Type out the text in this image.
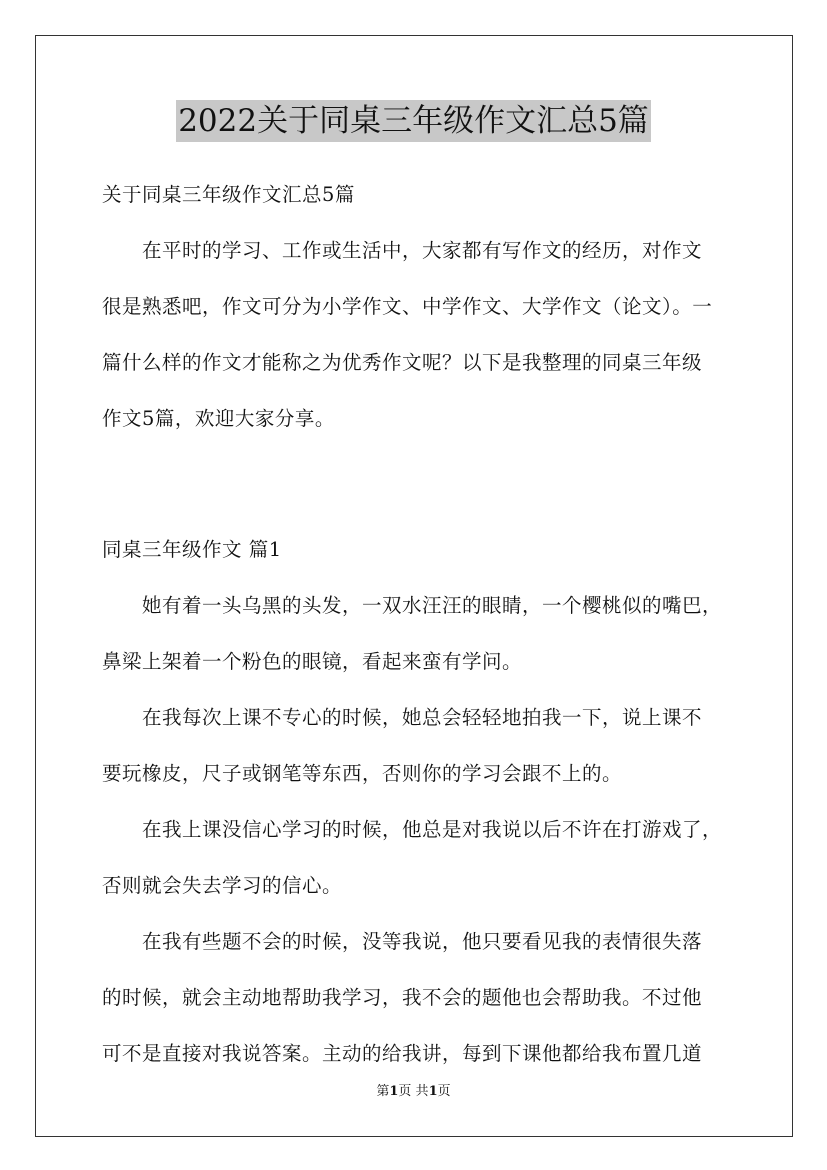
2022关于同桌三年级作文汇总5篇
关于同桌三年级作文汇总5篇
　　在平时的学习、工作或生活中，大家都有写作文的经历，对作文
很是熟悉吧，作文可分为小学作文、中学作文、大学作文（论文）。一
篇什么样的作文才能称之为优秀作文呢？以下是我整理的同桌三年级
作文5篇，欢迎大家分享。
同桌三年级作文 篇1
　　她有着一头乌黑的头发，一双水汪汪的眼睛，一个樱桃似的嘴巴，
鼻梁上架着一个粉色的眼镜，看起来蛮有学问。
　　在我每次上课不专心的时候，她总会轻轻地拍我一下，说上课不
要玩橡皮，尺子或钢笔等东西，否则你的学习会跟不上的。
　　在我上课没信心学习的时候，他总是对我说以后不许在打游戏了，
否则就会失去学习的信心。
　　在我有些题不会的时候，没等我说，他只要看见我的表情很失落
的时候，就会主动地帮助我学习，我不会的题他也会帮助我。不过他
可不是直接对我说答案。主动的给我讲，每到下课他都给我布置几道
第1页 共1页
